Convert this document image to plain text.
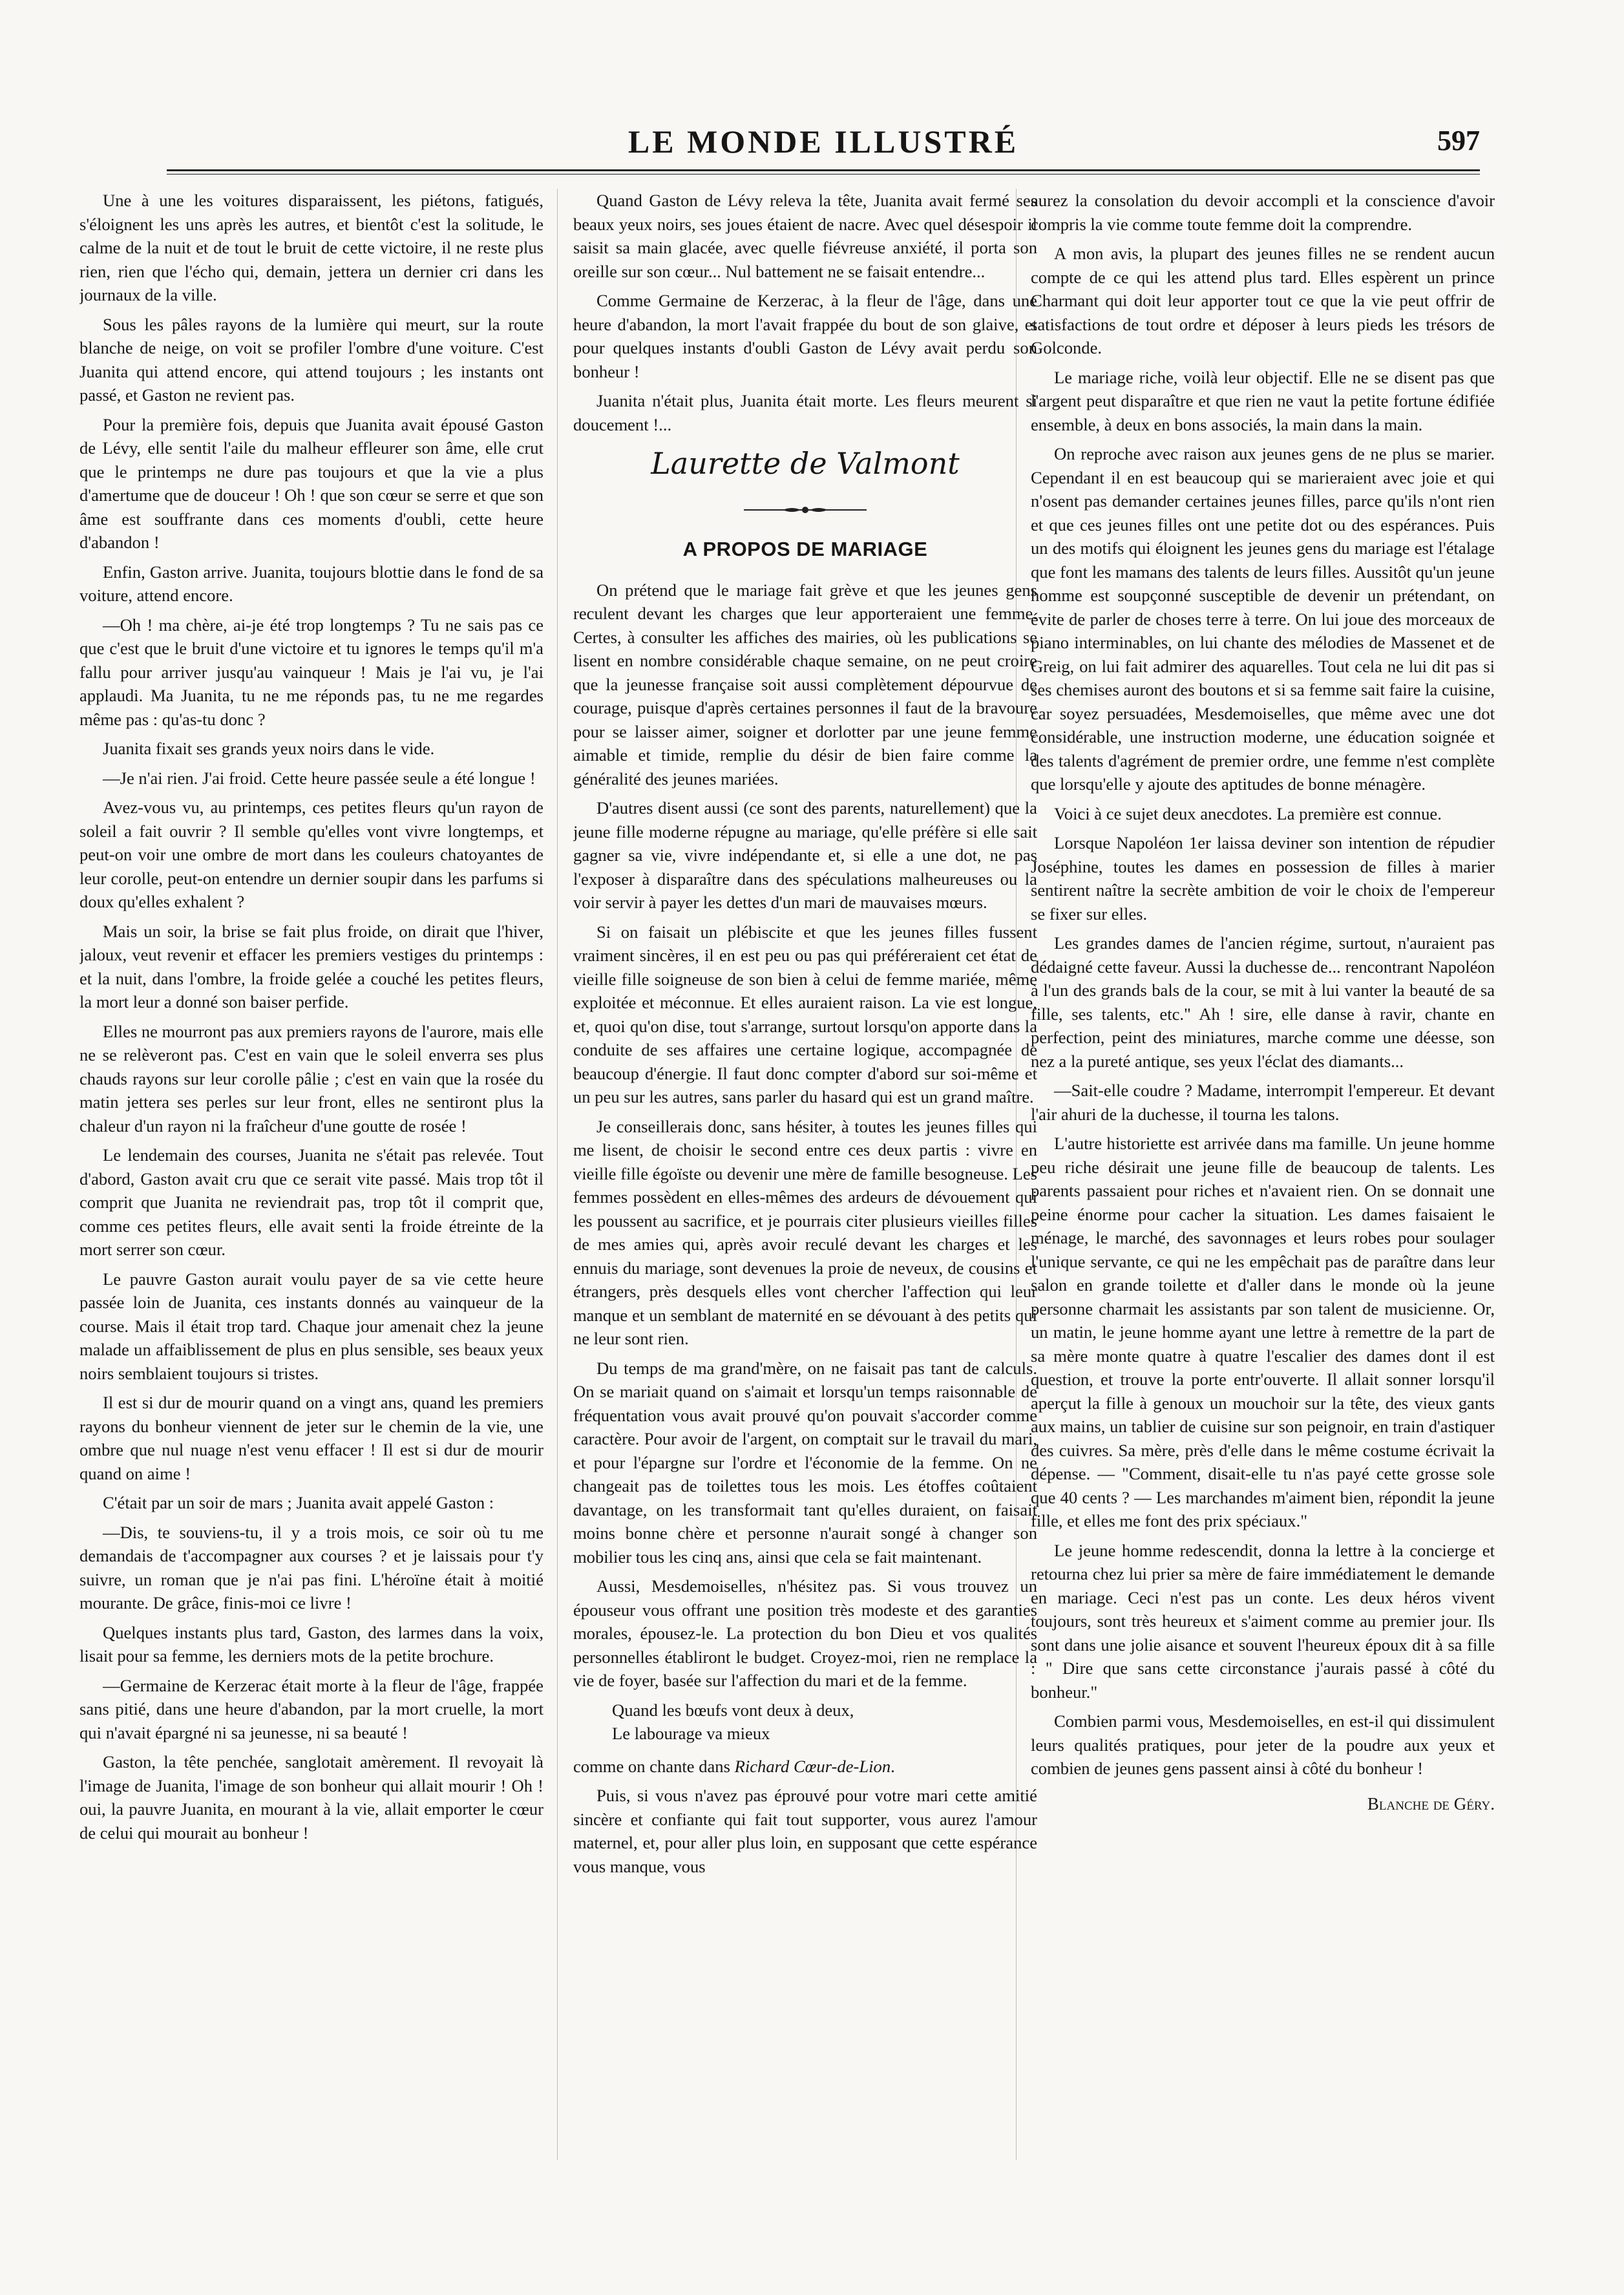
LE MONDE ILLUSTRÉ	597

Une à une les voitures disparaissent, les piétons, fatigués, s'éloignent les uns après les autres, et bientôt c'est la solitude, le calme de la nuit et de tout le bruit de cette victoire, il ne reste plus rien, rien que l'écho qui, demain, jettera un dernier cri dans les journaux de la ville.

Sous les pâles rayons de la lumière qui meurt, sur la route blanche de neige, on voit se profiler l'ombre d'une voiture. C'est Juanita qui attend encore, qui attend toujours ; les instants ont passé, et Gaston ne revient pas.

Pour la première fois, depuis que Juanita avait épousé Gaston de Lévy, elle sentit l'aile du malheur effleurer son âme, elle crut que le printemps ne dure pas toujours et que la vie a plus d'amertume que de douceur ! Oh ! que son cœur se serre et que son âme est souffrante dans ces moments d'oubli, cette heure d'abandon !

Enfin, Gaston arrive. Juanita, toujours blottie dans le fond de sa voiture, attend encore.

—Oh ! ma chère, ai-je été trop longtemps ? Tu ne sais pas ce que c'est que le bruit d'une victoire et tu ignores le temps qu'il m'a fallu pour arriver jusqu'au vainqueur ! Mais je l'ai vu, je l'ai applaudi. Ma Juanita, tu ne me réponds pas, tu ne me regardes même pas : qu'as-tu donc ?

Juanita fixait ses grands yeux noirs dans le vide.

—Je n'ai rien. J'ai froid. Cette heure passée seule a été longue !

Avez-vous vu, au printemps, ces petites fleurs qu'un rayon de soleil a fait ouvrir ? Il semble qu'elles vont vivre longtemps, et peut-on voir une ombre de mort dans les couleurs chatoyantes de leur corolle, peut-on entendre un dernier soupir dans les parfums si doux qu'elles exhalent ?

Mais un soir, la brise se fait plus froide, on dirait que l'hiver, jaloux, veut revenir et effacer les premiers vestiges du printemps : et la nuit, dans l'ombre, la froide gelée a couché les petites fleurs, la mort leur a donné son baiser perfide.

Elles ne mourront pas aux premiers rayons de l'aurore, mais elle ne se relèveront pas. C'est en vain que le soleil enverra ses plus chauds rayons sur leur corolle pâlie ; c'est en vain que la rosée du matin jettera ses perles sur leur front, elles ne sentiront plus la chaleur d'un rayon ni la fraîcheur d'une goutte de rosée !

Le lendemain des courses, Juanita ne s'était pas relevée. Tout d'abord, Gaston avait cru que ce serait vite passé. Mais trop tôt il comprit que Juanita ne reviendrait pas, trop tôt il comprit que, comme ces petites fleurs, elle avait senti la froide étreinte de la mort serrer son cœur.

Le pauvre Gaston aurait voulu payer de sa vie cette heure passée loin de Juanita, ces instants donnés au vainqueur de la course. Mais il était trop tard. Chaque jour amenait chez la jeune malade un affaiblissement de plus en plus sensible, ses beaux yeux noirs semblaient toujours si tristes.

Il est si dur de mourir quand on a vingt ans, quand les premiers rayons du bonheur viennent de jeter sur le chemin de la vie, une ombre que nul nuage n'est venu effacer ! Il est si dur de mourir quand on aime !

C'était par un soir de mars ; Juanita avait appelé Gaston :

—Dis, te souviens-tu, il y a trois mois, ce soir où tu me demandais de t'accompagner aux courses ? et je laissais pour t'y suivre, un roman que je n'ai pas fini. L'héroïne était à moitié mourante. De grâce, finis-moi ce livre !

Quelques instants plus tard, Gaston, des larmes dans la voix, lisait pour sa femme, les derniers mots de la petite brochure.

—Germaine de Kerzerac était morte à la fleur de l'âge, frappée sans pitié, dans une heure d'abandon, par la mort cruelle, la mort qui n'avait épargné ni sa jeunesse, ni sa beauté !

Gaston, la tête penchée, sanglotait amèrement. Il revoyait là l'image de Juanita, l'image de son bonheur qui allait mourir ! Oh ! oui, la pauvre Juanita, en mourant à la vie, allait emporter le cœur de celui qui mourait au bonheur !

Quand Gaston de Lévy releva la tête, Juanita avait fermé ses beaux yeux noirs, ses joues étaient de nacre. Avec quel désespoir il saisit sa main glacée, avec quelle fiévreuse anxiété, il porta son oreille sur son cœur... Nul battement ne se faisait entendre...

Comme Germaine de Kerzerac, à la fleur de l'âge, dans une heure d'abandon, la mort l'avait frappée du bout de son glaive, et pour quelques instants d'oubli Gaston de Lévy avait perdu son bonheur !

Juanita n'était plus, Juanita était morte. Les fleurs meurent si doucement !...

Laurette de Valmont
A PROPOS DE MARIAGE

On prétend que le mariage fait grève et que les jeunes gens reculent devant les charges que leur apporteraient une femme. Certes, à consulter les affiches des mairies, où les publications se lisent en nombre considérable chaque semaine, on ne peut croire que la jeunesse française soit aussi complètement dépourvue de courage, puisque d'après certaines personnes il faut de la bravoure pour se laisser aimer, soigner et dorlotter par une jeune femme aimable et timide, remplie du désir de bien faire comme la généralité des jeunes mariées.

D'autres disent aussi (ce sont des parents, naturellement) que la jeune fille moderne répugne au mariage, qu'elle préfère si elle sait gagner sa vie, vivre indépendante et, si elle a une dot, ne pas l'exposer à disparaître dans des spéculations malheureuses ou la voir servir à payer les dettes d'un mari de mauvaises mœurs.

Si on faisait un plébiscite et que les jeunes filles fussent vraiment sincères, il en est peu ou pas qui préféreraient cet état de vieille fille soigneuse de son bien à celui de femme mariée, même exploitée et méconnue. Et elles auraient raison. La vie est longue, et, quoi qu'on dise, tout s'arrange, surtout lorsqu'on apporte dans la conduite de ses affaires une certaine logique, accompagnée de beaucoup d'énergie. Il faut donc compter d'abord sur soi-même et un peu sur les autres, sans parler du hasard qui est un grand maître.

Je conseillerais donc, sans hésiter, à toutes les jeunes filles qui me lisent, de choisir le second entre ces deux partis : vivre en vieille fille égoïste ou devenir une mère de famille besogneuse. Les femmes possèdent en elles-mêmes des ardeurs de dévouement qui les poussent au sacrifice, et je pourrais citer plusieurs vieilles filles de mes amies qui, après avoir reculé devant les charges et les ennuis du mariage, sont devenues la proie de neveux, de cousins et étrangers, près desquels elles vont chercher l'affection qui leur manque et un semblant de maternité en se dévouant à des petits qui ne leur sont rien.

Du temps de ma grand'mère, on ne faisait pas tant de calculs. On se mariait quand on s'aimait et lorsqu'un temps raisonnable de fréquentation vous avait prouvé qu'on pouvait s'accorder comme caractère. Pour avoir de l'argent, on comptait sur le travail du mari, et pour l'épargne sur l'ordre et l'économie de la femme. On ne changeait pas de toilettes tous les mois. Les étoffes coûtaient davantage, on les transformait tant qu'elles duraient, on faisait moins bonne chère et personne n'aurait songé à changer son mobilier tous les cinq ans, ainsi que cela se fait maintenant.

Aussi, Mesdemoiselles, n'hésitez pas. Si vous trouvez un épouseur vous offrant une position très modeste et des garanties morales, épousez-le. La protection du bon Dieu et vos qualités personnelles établiront le budget. Croyez-moi, rien ne remplace la vie de foyer, basée sur l'affection du mari et de la femme.

Quand les bœufs vont deux à deux,
Le labourage va mieux

comme on chante dans Richard Cœur-de-Lion.

Puis, si vous n'avez pas éprouvé pour votre mari cette amitié sincère et confiante qui fait tout supporter, vous aurez l'amour maternel, et, pour aller plus loin, en supposant que cette espérance vous manque, vous

aurez la consolation du devoir accompli et la conscience d'avoir compris la vie comme toute femme doit la comprendre.

A mon avis, la plupart des jeunes filles ne se rendent aucun compte de ce qui les attend plus tard. Elles espèrent un prince Charmant qui doit leur apporter tout ce que la vie peut offrir de satisfactions de tout ordre et déposer à leurs pieds les trésors de Golconde.

Le mariage riche, voilà leur objectif. Elle ne se disent pas que l'argent peut disparaître et que rien ne vaut la petite fortune édifiée ensemble, à deux en bons associés, la main dans la main.

On reproche avec raison aux jeunes gens de ne plus se marier. Cependant il en est beaucoup qui se marieraient avec joie et qui n'osent pas demander certaines jeunes filles, parce qu'ils n'ont rien et que ces jeunes filles ont une petite dot ou des espérances. Puis un des motifs qui éloignent les jeunes gens du mariage est l'étalage que font les mamans des talents de leurs filles. Aussitôt qu'un jeune homme est soupçonné susceptible de devenir un prétendant, on évite de parler de choses terre à terre. On lui joue des morceaux de piano interminables, on lui chante des mélodies de Massenet et de Greig, on lui fait admirer des aquarelles. Tout cela ne lui dit pas si ses chemises auront des boutons et si sa femme sait faire la cuisine, car soyez persuadées, Mesdemoiselles, que même avec une dot considérable, une instruction moderne, une éducation soignée et des talents d'agrément de premier ordre, une femme n'est complète que lorsqu'elle y ajoute des aptitudes de bonne ménagère.

Voici à ce sujet deux anecdotes. La première est connue.

Lorsque Napoléon 1er laissa deviner son intention de répudier Joséphine, toutes les dames en possession de filles à marier sentirent naître la secrète ambition de voir le choix de l'empereur se fixer sur elles.

Les grandes dames de l'ancien régime, surtout, n'auraient pas dédaigné cette faveur. Aussi la duchesse de... rencontrant Napoléon à l'un des grands bals de la cour, se mit à lui vanter la beauté de sa fille, ses talents, etc." Ah ! sire, elle danse à ravir, chante en perfection, peint des miniatures, marche comme une déesse, son nez a la pureté antique, ses yeux l'éclat des diamants...

—Sait-elle coudre ? Madame, interrompit l'empereur. Et devant l'air ahuri de la duchesse, il tourna les talons.

L'autre historiette est arrivée dans ma famille. Un jeune homme peu riche désirait une jeune fille de beaucoup de talents. Les parents passaient pour riches et n'avaient rien. On se donnait une peine énorme pour cacher la situation. Les dames faisaient le ménage, le marché, des savonnages et leurs robes pour soulager l'unique servante, ce qui ne les empêchait pas de paraître dans leur salon en grande toilette et d'aller dans le monde où la jeune personne charmait les assistants par son talent de musicienne. Or, un matin, le jeune homme ayant une lettre à remettre de la part de sa mère monte quatre à quatre l'escalier des dames dont il est question, et trouve la porte entr'ouverte. Il allait sonner lorsqu'il aperçut la fille à genoux un mouchoir sur la tête, des vieux gants aux mains, un tablier de cuisine sur son peignoir, en train d'astiquer des cuivres. Sa mère, près d'elle dans le même costume écrivait la dépense. — "Comment, disait-elle tu n'as payé cette grosse sole que 40 cents ? — Les marchandes m'aiment bien, répondit la jeune fille, et elles me font des prix spéciaux."

Le jeune homme redescendit, donna la lettre à la concierge et retourna chez lui prier sa mère de faire immédiatement le demande en mariage. Ceci n'est pas un conte. Les deux héros vivent toujours, sont très heureux et s'aiment comme au premier jour. Ils sont dans une jolie aisance et souvent l'heureux époux dit à sa fille : " Dire que sans cette circonstance j'aurais passé à côté du bonheur."

Combien parmi vous, Mesdemoiselles, en est-il qui dissimulent leurs qualités pratiques, pour jeter de la poudre aux yeux et combien de jeunes gens passent ainsi à côté du bonheur !

Blanche de Géry.
